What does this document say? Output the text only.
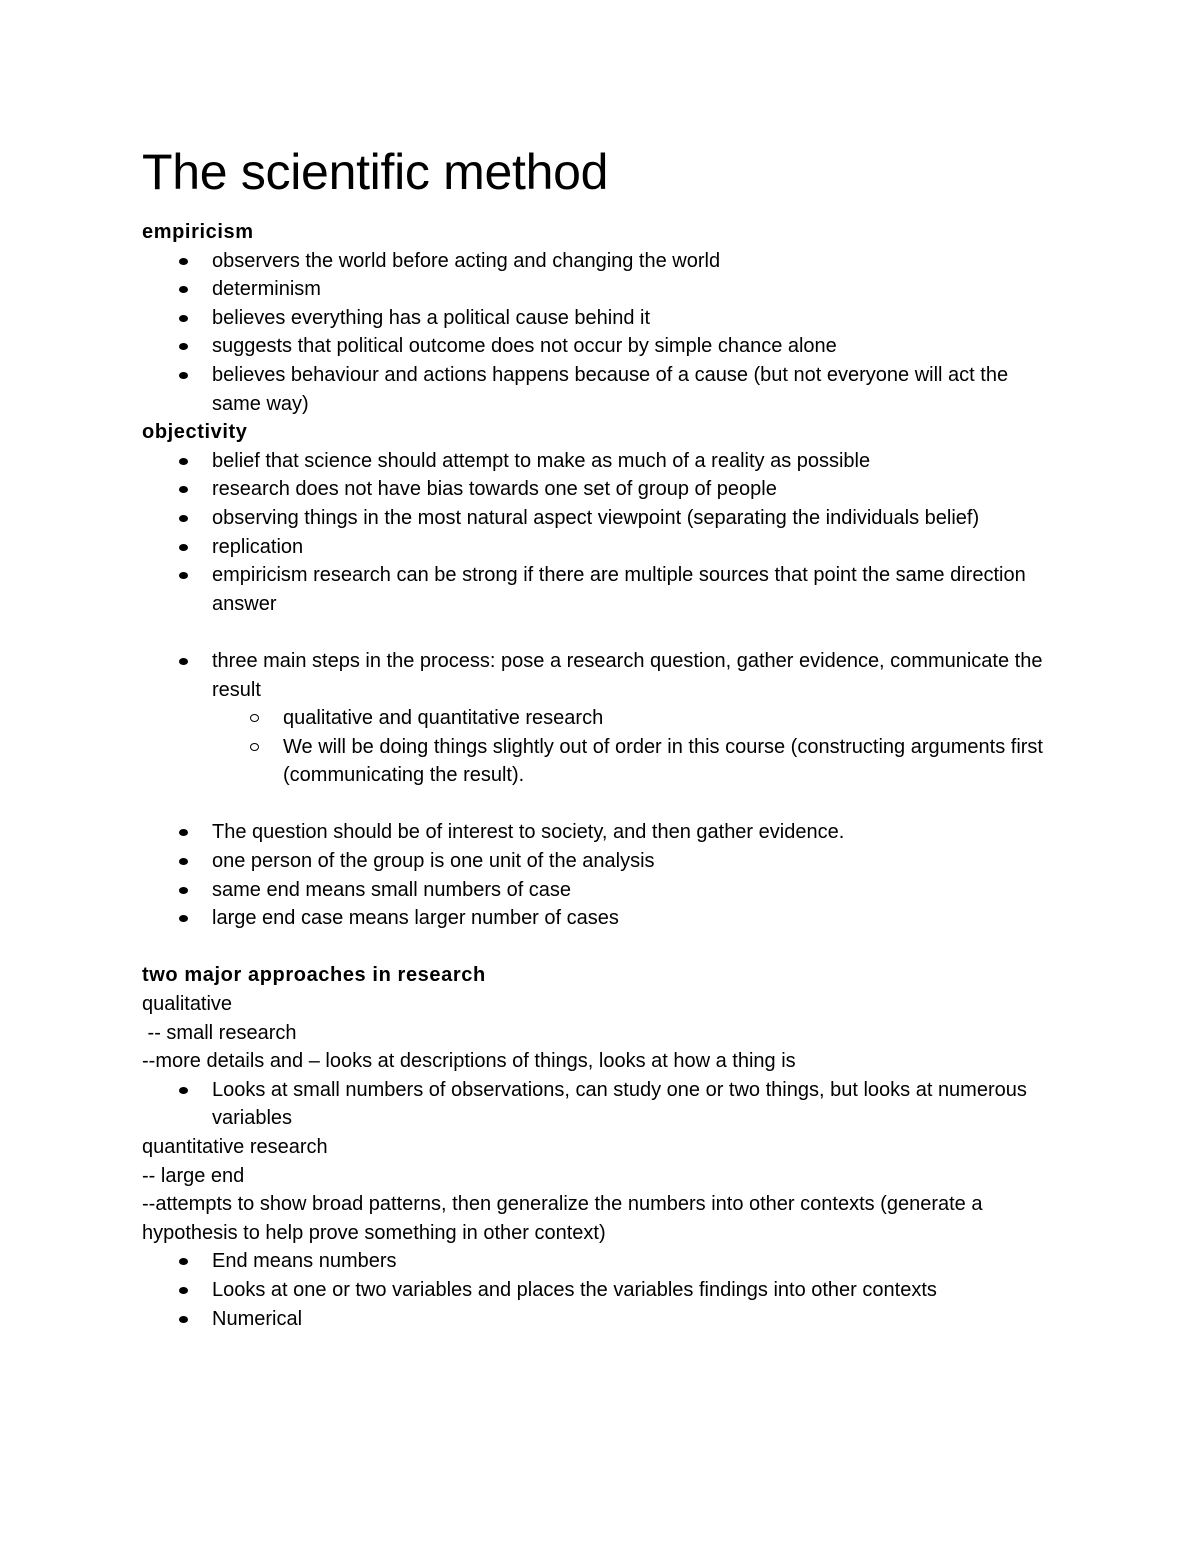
The scientific method

empiricism

observers the world before acting and changing the world
determinism
believes everything has a political cause behind it
suggests that political outcome does not occur by simple chance alone
believes behaviour and actions happens because of a cause (but not everyone will act the same way)

objectivity

belief that science should attempt to make as much of a reality as possible
research does not have bias towards one set of group of people
observing things in the most natural aspect viewpoint (separating the individuals belief)
replication
empiricism research can be strong if there are multiple sources that point the same direction answer
three main steps in the process: pose a research question, gather evidence, communicate the result
qualitative and quantitative research
We will be doing things slightly out of order in this course (constructing arguments first (communicating the result).
The question should be of interest to society, and then gather evidence.
one person of the group is one unit of the analysis
same end means small numbers of case
large end case means larger number of cases

two major approaches in research

qualitative

-- small research

--more details and – looks at descriptions of things, looks at how a thing is

Looks at small numbers of observations, can study one or two things, but looks at numerous variables

quantitative research

-- large end

--attempts to show broad patterns, then generalize the numbers into other contexts (generate a hypothesis to help prove something in other context)

End means numbers
Looks at one or two variables and places the variables findings into other contexts
Numerical
